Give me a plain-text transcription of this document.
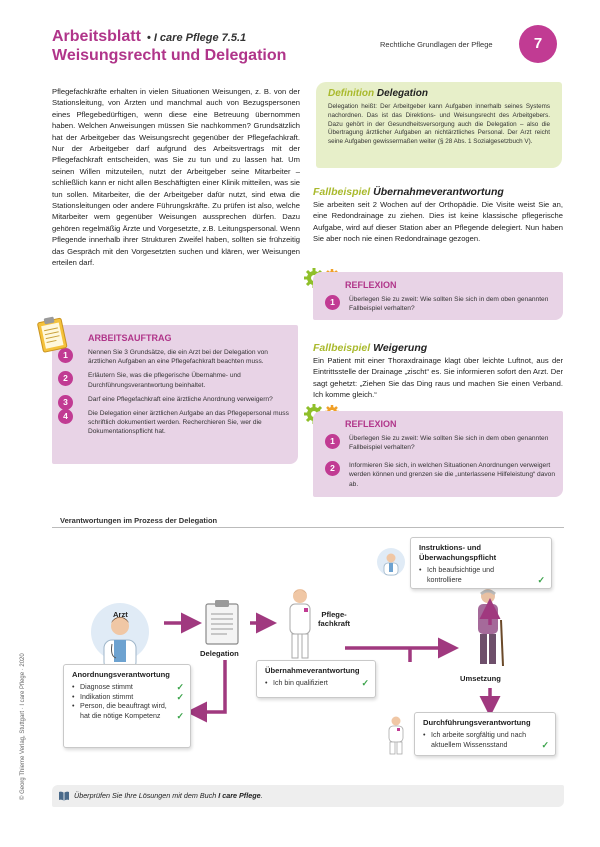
Arbeitsblatt • I care Pflege 7.5.1
Weisungsrecht und Delegation
Rechtliche Grundlagen der Pflege	7
Pflegefachkräfte erhalten in vielen Situationen Weisungen, z. B. von der Stationsleitung, von Ärzten und manchmal auch von Bezugspersonen eines Pflegebedürftigen, wenn diese eine Betreuung übernommen haben. Welchen Anweisungen müssen Sie nachkommen? Grundsätzlich hat der Arbeitgeber das Weisungsrecht gegenüber der Pflegefachkraft. Nur der Arbeitgeber darf aufgrund des Arbeitsvertrags mit der Pflegefachkraft entscheiden, was Sie zu tun und zu lassen hat. Um seinen Willen mitzuteilen, nutzt der Arbeitgeber seine Mitarbeiter – schließlich kann er nicht allen Beschäftigten einer Klinik mitteilen, was sie tun sollen. Mitarbeiter, die der Arbeitgeber dafür nutzt, sind etwa die Stationsleitungen oder andere Führungskräfte. Zu prüfen ist also, welche Mitarbeiter wem gegenüber Weisungen aussprechen dürfen. Dazu gehören regelmäßig Ärzte und Vorgesetzte, z.B. Leitungspersonal. Wenn Pflegende innerhalb ihrer Strukturen Zweifel haben, sollten sie frühzeitig das Gespräch mit den Vorgesetzten suchen und klären, wer Weisungen erteilen darf.
Definition Delegation
Delegation heißt: Der Arbeitgeber kann Aufgaben innerhalb seines Systems nachordnen. Das ist das Direktions- und Weisungsrecht des Arbeitgebers. Dazu gehört in der Gesundheitsversorgung auch die Delegation – also die Übertragung ärztlicher Aufgaben an nichtärztliches Personal. Der Arzt reicht seine Aufgaben gewissermaßen weiter (§ 28 Abs. 1 Sozialgesetzbuch V).
Fallbeispiel Übernahmeverantwortung
Sie arbeiten seit 2 Wochen auf der Orthopädie. Die Visite weist Sie an, eine Redondrainage zu ziehen. Dies ist keine klassische pflegerische Aufgabe, wird auf dieser Station aber an Pflegende delegiert. Nun haben Sie aber noch nie einen Redondrainage gezogen.
REFLEXION
1	Überlegen Sie zu zweit: Wie sollten Sie sich in dem oben genannten Fallbeispiel verhalten?
Fallbeispiel Weigerung
Ein Patient mit einer Thoraxdrainage klagt über leichte Luftnot, aus der Eintrittsstelle der Drainage „zischt“ es. Sie informieren sofort den Arzt. Der sagt gehetzt: „Ziehen Sie das Ding raus und machen Sie einen Verband. Ich komme gleich.“
REFLEXION
1	Überlegen Sie zu zweit: Wie sollten Sie sich in dem oben genannten Fallbeispiel verhalten?
2	Informieren Sie sich, in welchen Situationen Anordnungen verweigert werden können und grenzen sie die „unterlassene Hilfeleistung“ davon ab.
ARBEITSAUFTRAG
1	Nennen Sie 3 Grundsätze, die ein Arzt bei der Delegation von ärztlichen Aufgaben an eine Pflegefachkraft beachten muss.
2	Erläutern Sie, was die pflegerische Übernahme- und Durchführungsverantwortung beinhaltet.
3	Darf eine Pflegefachkraft eine ärztliche Anordnung verweigern?
4	Die Delegation einer ärztlichen Aufgabe an das Pflegepersonal muss schriftlich dokumentiert werden. Recherchieren Sie, wer die Dokumentationspflicht hat.
Verantwortungen im Prozess der Delegation
Arzt
Delegation
Pflege-
fachkraft
Umsetzung
Anordnungsverantwortung
• Diagnose stimmt	✓
• Indikation stimmt	✓
• Person, die beauftragt wird, hat die nötige Kompetenz ✓
Übernahmeverantwortung
• Ich bin qualifiziert	✓
Instruktions- und Überwachungspflicht
• Ich beaufsichtige und kontrolliere	✓
Durchführungsverantwortung
• Ich arbeite sorgfältig und nach aktuellem Wissensstand	✓
Überprüfen Sie Ihre Lösungen mit dem Buch I care Pflege.
© Georg Thieme Verlag, Stuttgart · I care Pflege · 2020
